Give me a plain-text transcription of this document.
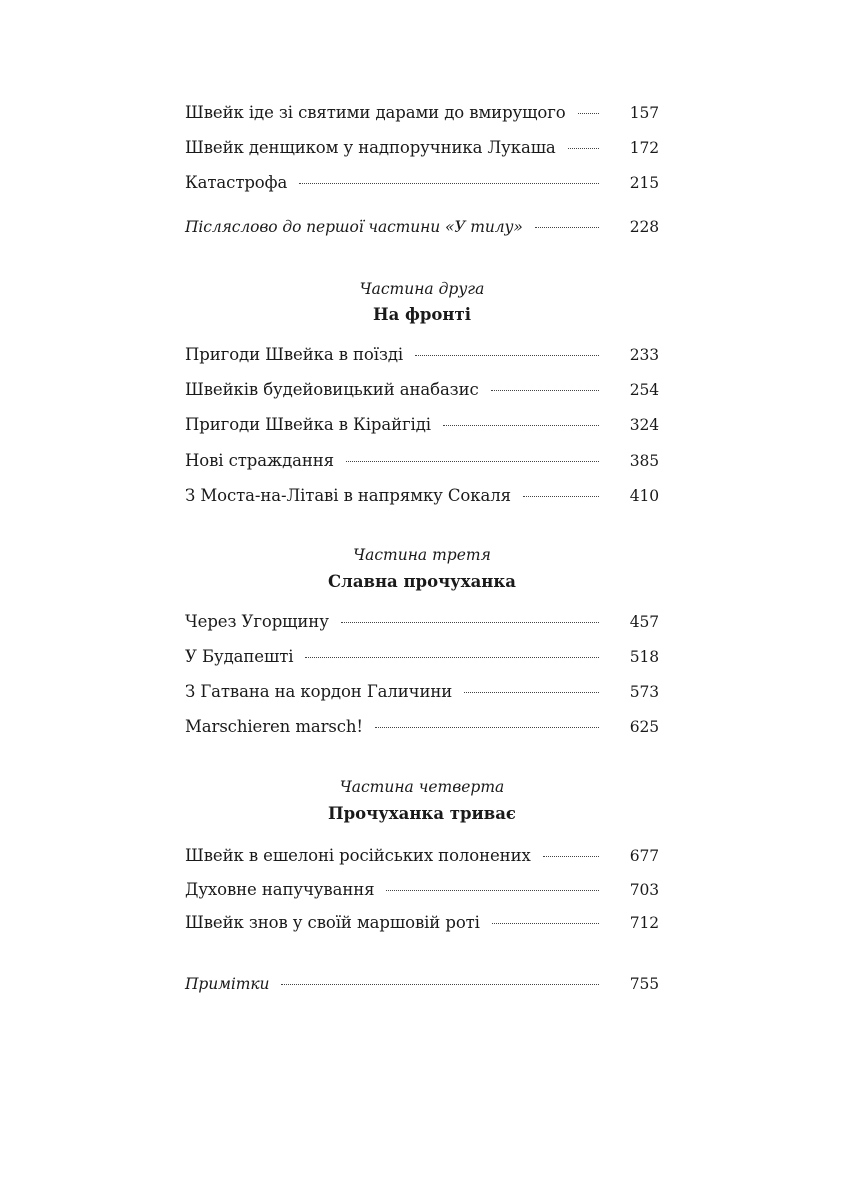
Швейк іде зі святими дарами до вмирущого	157
Швейк денщиком у надпоручника Лукаша	172
Катастрофа	215
Післяслово до першої частини «У тилу»	228
Частина друга
На фронті
Пригоди Швейка в поїзді	233
Швейків будейовицький анабазис	254
Пригоди Швейка в Кірайгіді	324
Нові страждання	385
З Моста-на-Літаві в напрямку Сокаля	410
Частина третя
Славна прочуханка
Через Угорщину	457
У Будапешті	518
З Гатвана на кордон Галичини	573
Marschieren marsch!	625
Частина четверта
Прочуханка триває
Швейк в ешелоні російських полонених	677
Духовне напучування	703
Швейк знов у своїй маршовій роті	712
Примітки	755
